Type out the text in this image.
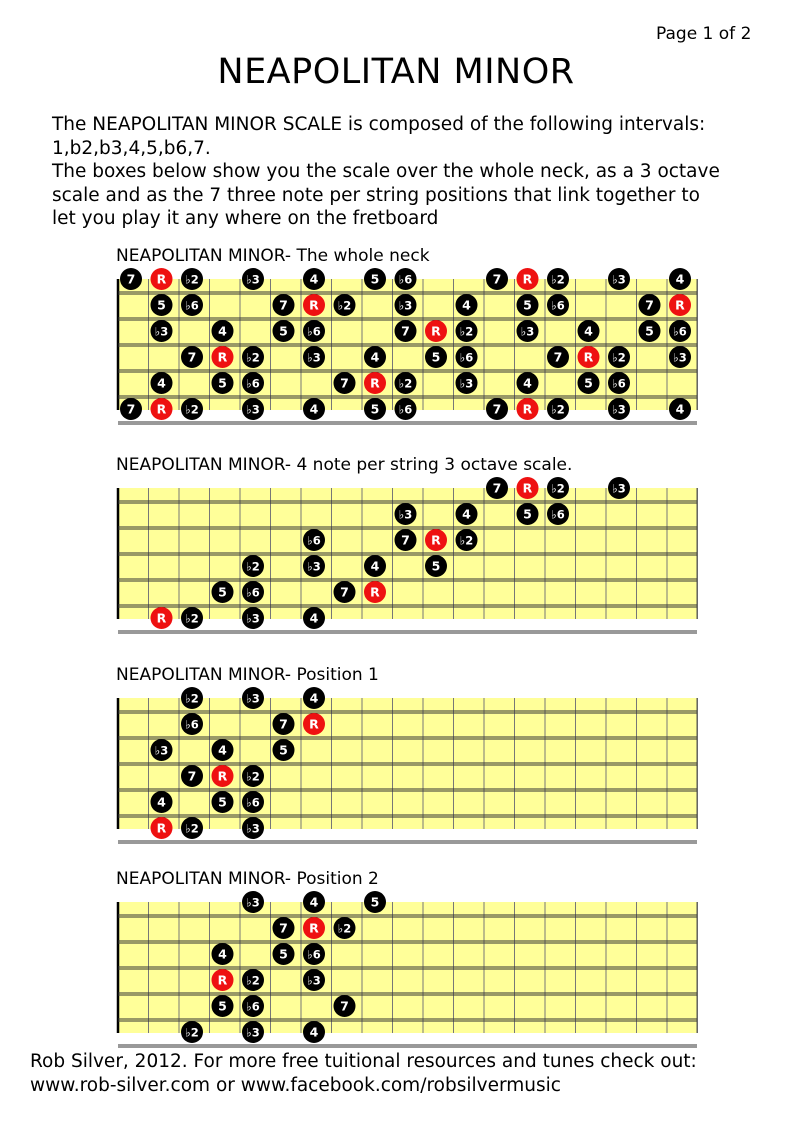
Page 1 of 2
NEAPOLITAN MINOR
The NEAPOLITAN MINOR SCALE is composed of the following intervals:
1,b2,b3,4,5,b6,7.
The boxes below show you the scale over the whole neck, as a 3 octave
scale and as the 7 three note per string positions that link together to
let you play it any where on the fretboard
NEAPOLITAN MINOR- The whole neck
7 R ♭2	♭3	4	5 ♭6	7 R ♭2	♭3	4
5 ♭6	7 R ♭2	♭3	4	5 ♭6	7 R
♭3	4	5 ♭6	7 R ♭2	♭3	4	5 ♭6
7 R ♭2	♭3	4	5 ♭6	7 R ♭2	♭3
4	5 ♭6	7 R ♭2	♭3	4	5 ♭6
7 R ♭2	♭3	4	5 ♭6	7 R ♭2	♭3	4
NEAPOLITAN MINOR- 4 note per string 3 octave scale.
7 R ♭2	♭3
♭3	4	5 ♭6
♭6	7 R ♭2
♭2	♭3	4	5
5 ♭6	7 R
R ♭2	♭3	4
NEAPOLITAN MINOR- Position 1
♭2	♭3	4
♭6	7 R
♭3	4	5
7 R ♭2
4	5 ♭6
R ♭2	♭3
NEAPOLITAN MINOR- Position 2
♭3	4	5
7 R ♭2
4	5 ♭6
R ♭2	♭3
5 ♭6	7
♭2	♭3	4
Rob Silver, 2012. For more free tuitional resources and tunes check out:
www.rob-silver.com or www.facebook.com/robsilvermusic
